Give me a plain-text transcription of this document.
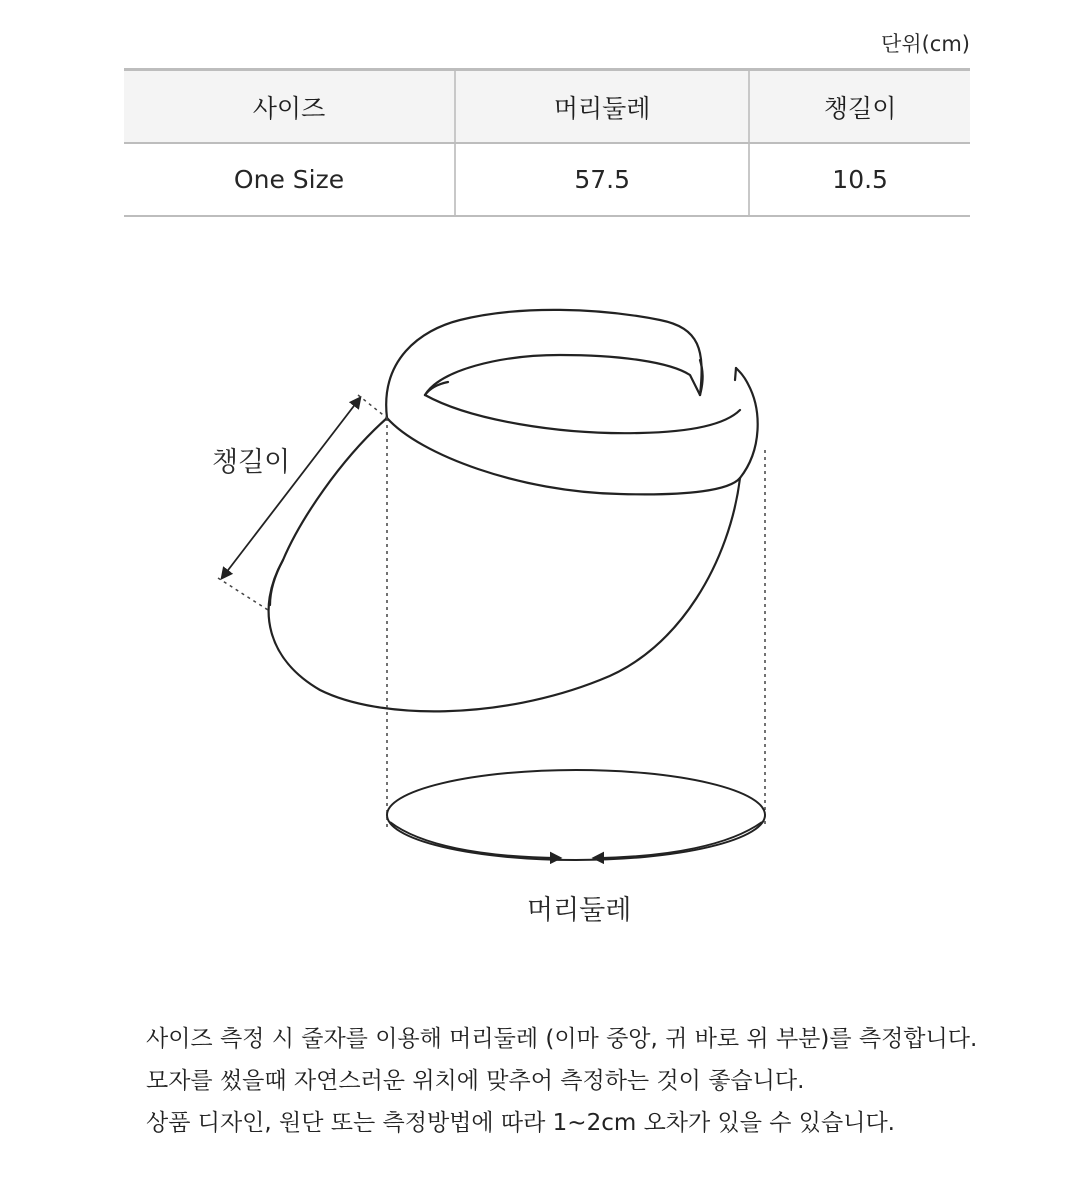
단위(cm)
사이즈	머리둘레	챙길이
One Size	57.5	10.5
챙길이
머리둘레
사이즈 측정 시 줄자를 이용해 머리둘레 (이마 중앙, 귀 바로 위 부분)를 측정합니다.
모자를 썼을때 자연스러운 위치에 맞추어 측정하는 것이 좋습니다.
상품 디자인, 원단 또는 측정방법에 따라 1~2cm 오차가 있을 수 있습니다.
